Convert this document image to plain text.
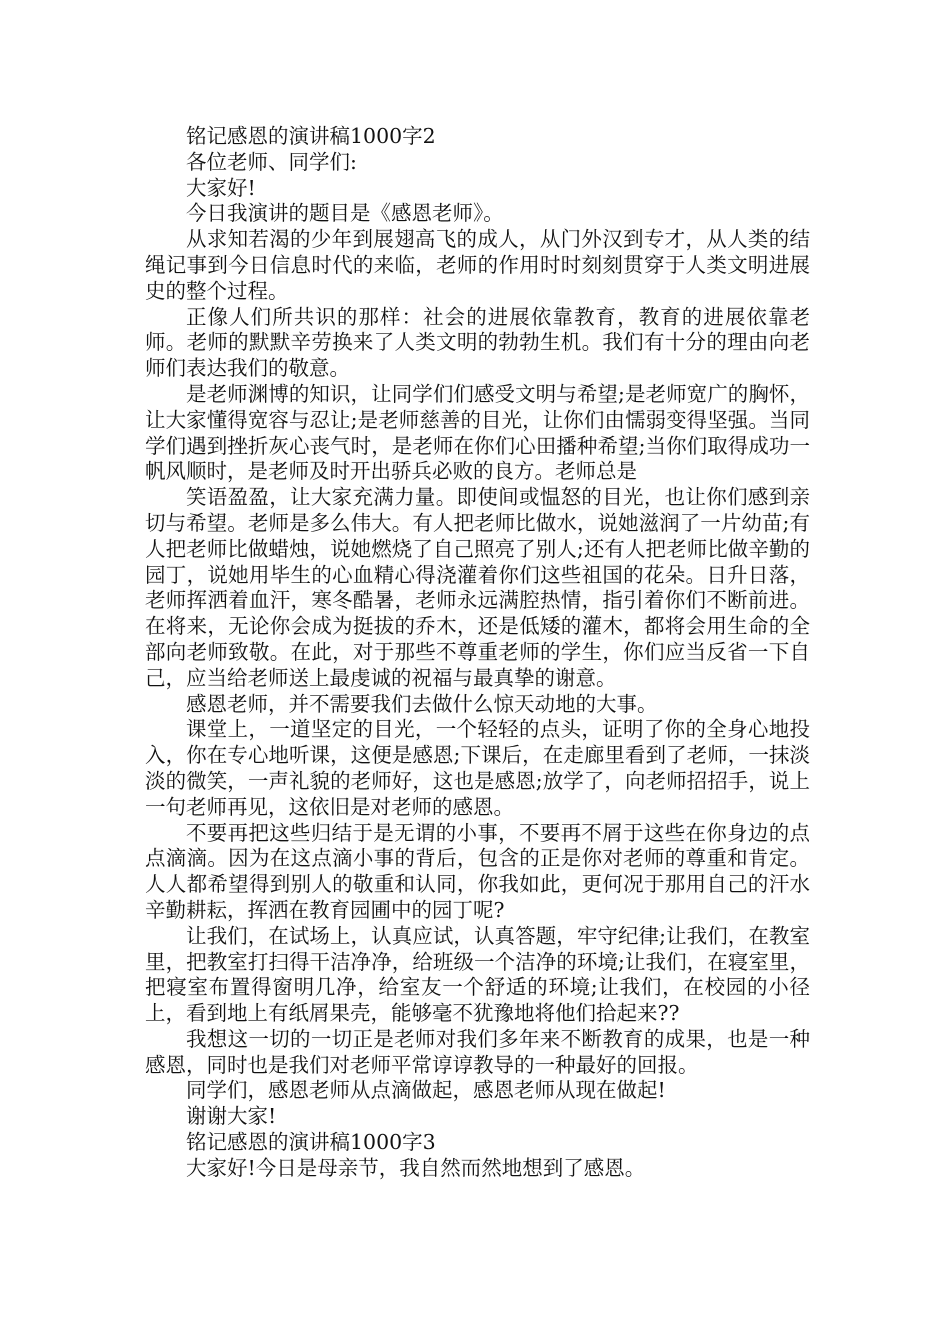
铭记感恩的演讲稿1000字2

各位老师、同学们:

大家好!

今日我演讲的题目是《感恩老师》。

从求知若渴的少年到展翅高飞的成人，从门外汉到专才，从人类的结绳记事到今日信息时代的来临，老师的作用时时刻刻贯穿于人类文明进展史的整个过程。

正像人们所共识的那样：社会的进展依靠教育，教育的进展依靠老师。老师的默默辛劳换来了人类文明的勃勃生机。我们有十分的理由向老师们表达我们的敬意。

是老师渊博的知识，让同学们们感受文明与希望;是老师宽广的胸怀，让大家懂得宽容与忍让;是老师慈善的目光，让你们由懦弱变得坚强。当同学们遇到挫折灰心丧气时，是老师在你们心田播种希望;当你们取得成功一帆风顺时，是老师及时开出骄兵必败的良方。老师总是

笑语盈盈，让大家充满力量。即使间或愠怒的目光，也让你们感到亲切与希望。老师是多么伟大。有人把老师比做水，说她滋润了一片幼苗;有人把老师比做蜡烛，说她燃烧了自己照亮了别人;还有人把老师比做辛勤的园丁，说她用毕生的心血精心得浇灌着你们这些祖国的花朵。日升日落，老师挥洒着血汗，寒冬酷暑，老师永远满腔热情，指引着你们不断前进。在将来，无论你会成为挺拔的乔木，还是低矮的灌木，都将会用生命的全部向老师致敬。在此，对于那些不尊重老师的学生，你们应当反省一下自己，应当给老师送上最虔诚的祝福与最真挚的谢意。

感恩老师，并不需要我们去做什么惊天动地的大事。

课堂上，一道坚定的目光，一个轻轻的点头，证明了你的全身心地投入，你在专心地听课，这便是感恩;下课后，在走廊里看到了老师，一抹淡淡的微笑，一声礼貌的老师好，这也是感恩;放学了，向老师招招手，说上一句老师再见，这依旧是对老师的感恩。

不要再把这些归结于是无谓的小事，不要再不屑于这些在你身边的点点滴滴。因为在这点滴小事的背后，包含的正是你对老师的尊重和肯定。人人都希望得到别人的敬重和认同，你我如此，更何况于那用自己的汗水辛勤耕耘，挥洒在教育园圃中的园丁呢?

让我们，在试场上，认真应试，认真答题，牢守纪律;让我们，在教室里，把教室打扫得干洁净净，给班级一个洁净的环境;让我们，在寝室里，把寝室布置得窗明几净，给室友一个舒适的环境;让我们，在校园的小径上，看到地上有纸屑果壳，能够毫不犹豫地将他们拾起来??

我想这一切的一切正是老师对我们多年来不断教育的成果，也是一种感恩，同时也是我们对老师平常谆谆教导的一种最好的回报。

同学们，感恩老师从点滴做起，感恩老师从现在做起!

谢谢大家!

铭记感恩的演讲稿1000字3

大家好!今日是母亲节，我自然而然地想到了感恩。
